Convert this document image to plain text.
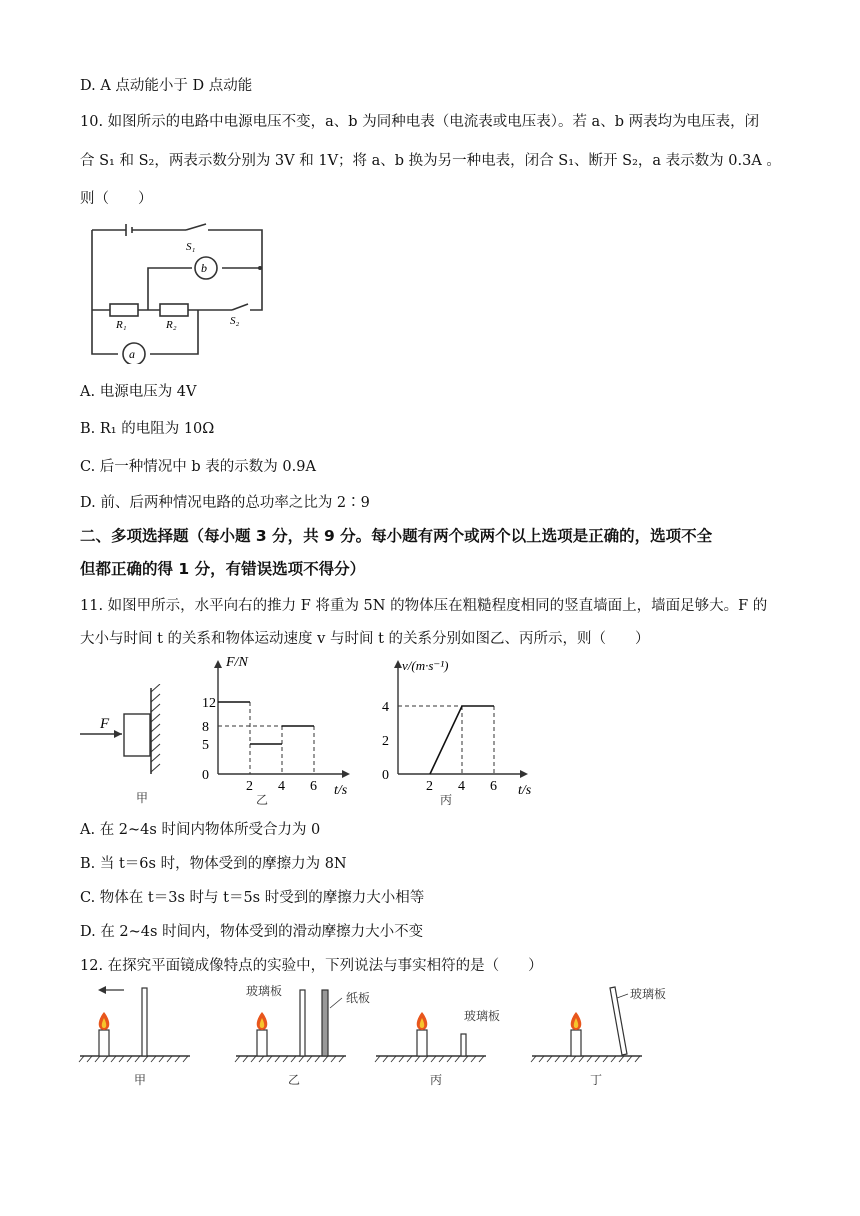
D. A 点动能小于 D 点动能
10. 如图所示的电路中电源电压不变，a、b 为同种电表（电流表或电压表）。若 a、b 两表均为电压表，闭
合 S₁ 和 S₂，两表示数分别为 3V 和 1V；将 a、b 换为另一种电表，闭合 S₁、断开 S₂，a 表示数为 0.3A 。
则（　　）
b
a
S₁
S₂
R₁	R₂
A. 电源电压为 4V
B. R₁ 的电阻为 10Ω
C. 后一种情况中 b 表的示数为 0.9A
D. 前、后两种情况电路的总功率之比为 2∶9
二、多项选择题（每小题 3 分，共 9 分。每小题有两个或两个以上选项是正确的，选项不全
但都正确的得 1 分，有错误选项不得分）
11. 如图甲所示，水平向右的推力 F 将重为 5N 的物体压在粗糙程度相同的竖直墙面上，墙面足够大。F 的
大小与时间 t 的关系和物体运动速度 v 与时间 t 的关系分别如图乙、丙所示，则（　　）
F
甲
F/N
t/s
12
8
5
0
2 4 6
乙
v/(m·s⁻¹)
t/s
4
2
0
2 4 6
丙
A. 在 2~4s 时间内物体所受合力为 0
B. 当 t＝6s 时，物体受到的摩擦力为 8N
C. 物体在 t＝3s 时与 t＝5s 时受到的摩擦力大小相等
D. 在 2~4s 时间内，物体受到的滑动摩擦力大小不变
12. 在探究平面镜成像特点的实验中，下列说法与事实相符的是（　　）
甲
玻璃板	纸板
乙
玻璃板
丙
玻璃板
丁
